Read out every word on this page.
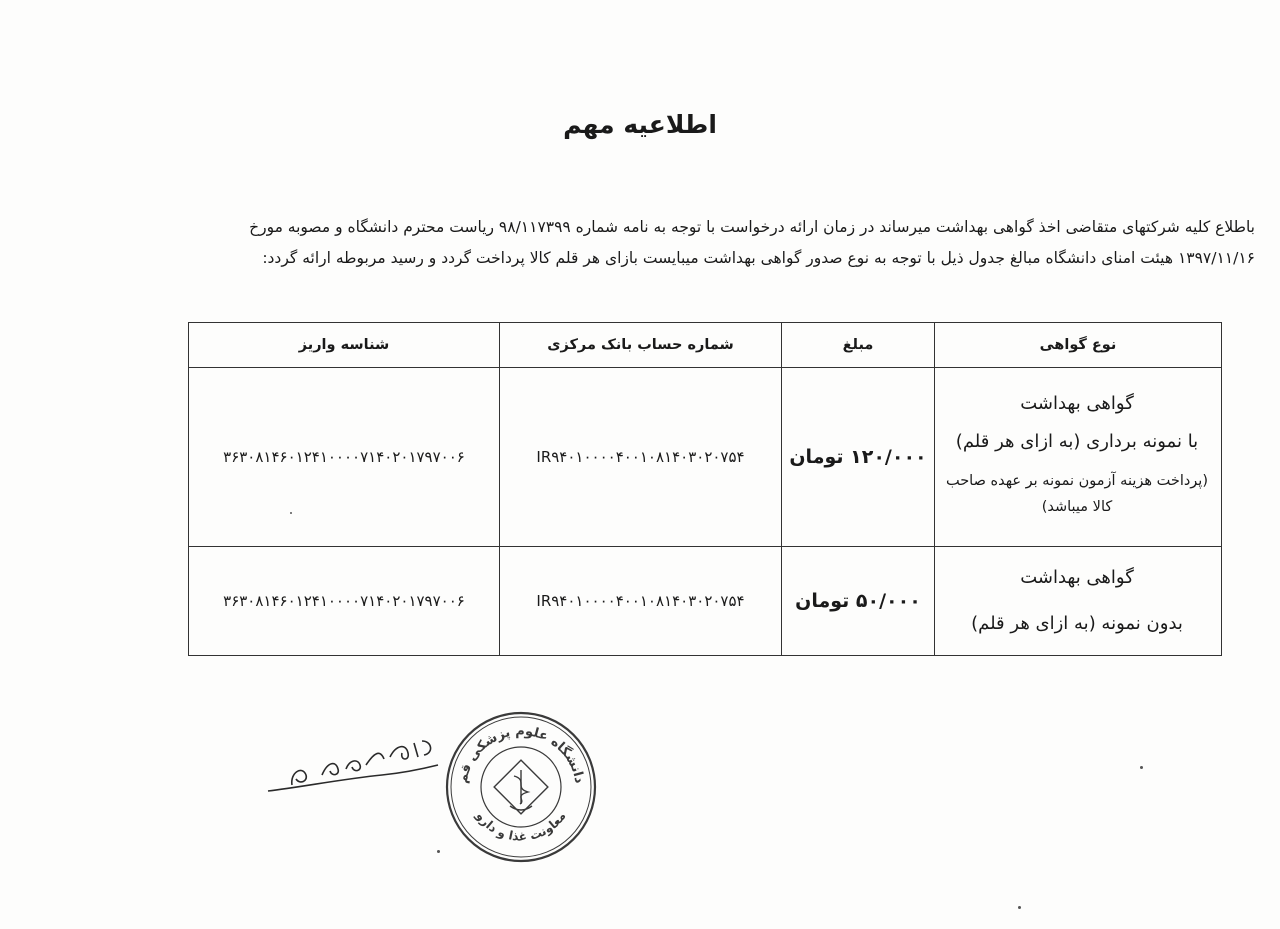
اطلاعیه مهم
باطلاع کلیه شرکتهای متقاضی اخذ گواهی بهداشت میرساند در زمان ارائه درخواست با توجه به نامه شماره ۹۸/۱۱۷۳۹۹ ریاست محترم دانشگاه و مصوبه مورخ ۱۳۹۷/۱۱/۱۶ هیئت امنای دانشگاه مبالغ جدول ذیل با توجه به نوع صدور گواهی بهداشت میبایست بازای هر قلم کالا پرداخت گردد و رسید مربوطه ارائه گردد:
نوع گواهی	مبلغ	شماره حساب بانک مرکزی	شناسه واریز

گواهی بهداشت
با نمونه برداری (به ازای هر قلم)
(پرداخت هزینه آزمون نمونه بر عهده صاحب کالا میباشد)	۱۲۰/۰۰۰ تومان	IR۹۴۰۱۰۰۰۰۴۰۰۱۰۸۱۴۰۳۰۲۰۷۵۴	۳۶۳۰۸۱۴۶۰۱۲۴۱۰۰۰۰۷۱۴۰۲۰۱۷۹۷۰۰۶

گواهی بهداشت
بدون نمونه (به ازای هر قلم)	۵۰/۰۰۰ تومان	IR۹۴۰۱۰۰۰۰۴۰۰۱۰۸۱۴۰۳۰۲۰۷۵۴	۳۶۳۰۸۱۴۶۰۱۲۴۱۰۰۰۰۷۱۴۰۲۰۱۷۹۷۰۰۶
دانشگاه علوم پزشکی قم
معاونت غذا و دارو
